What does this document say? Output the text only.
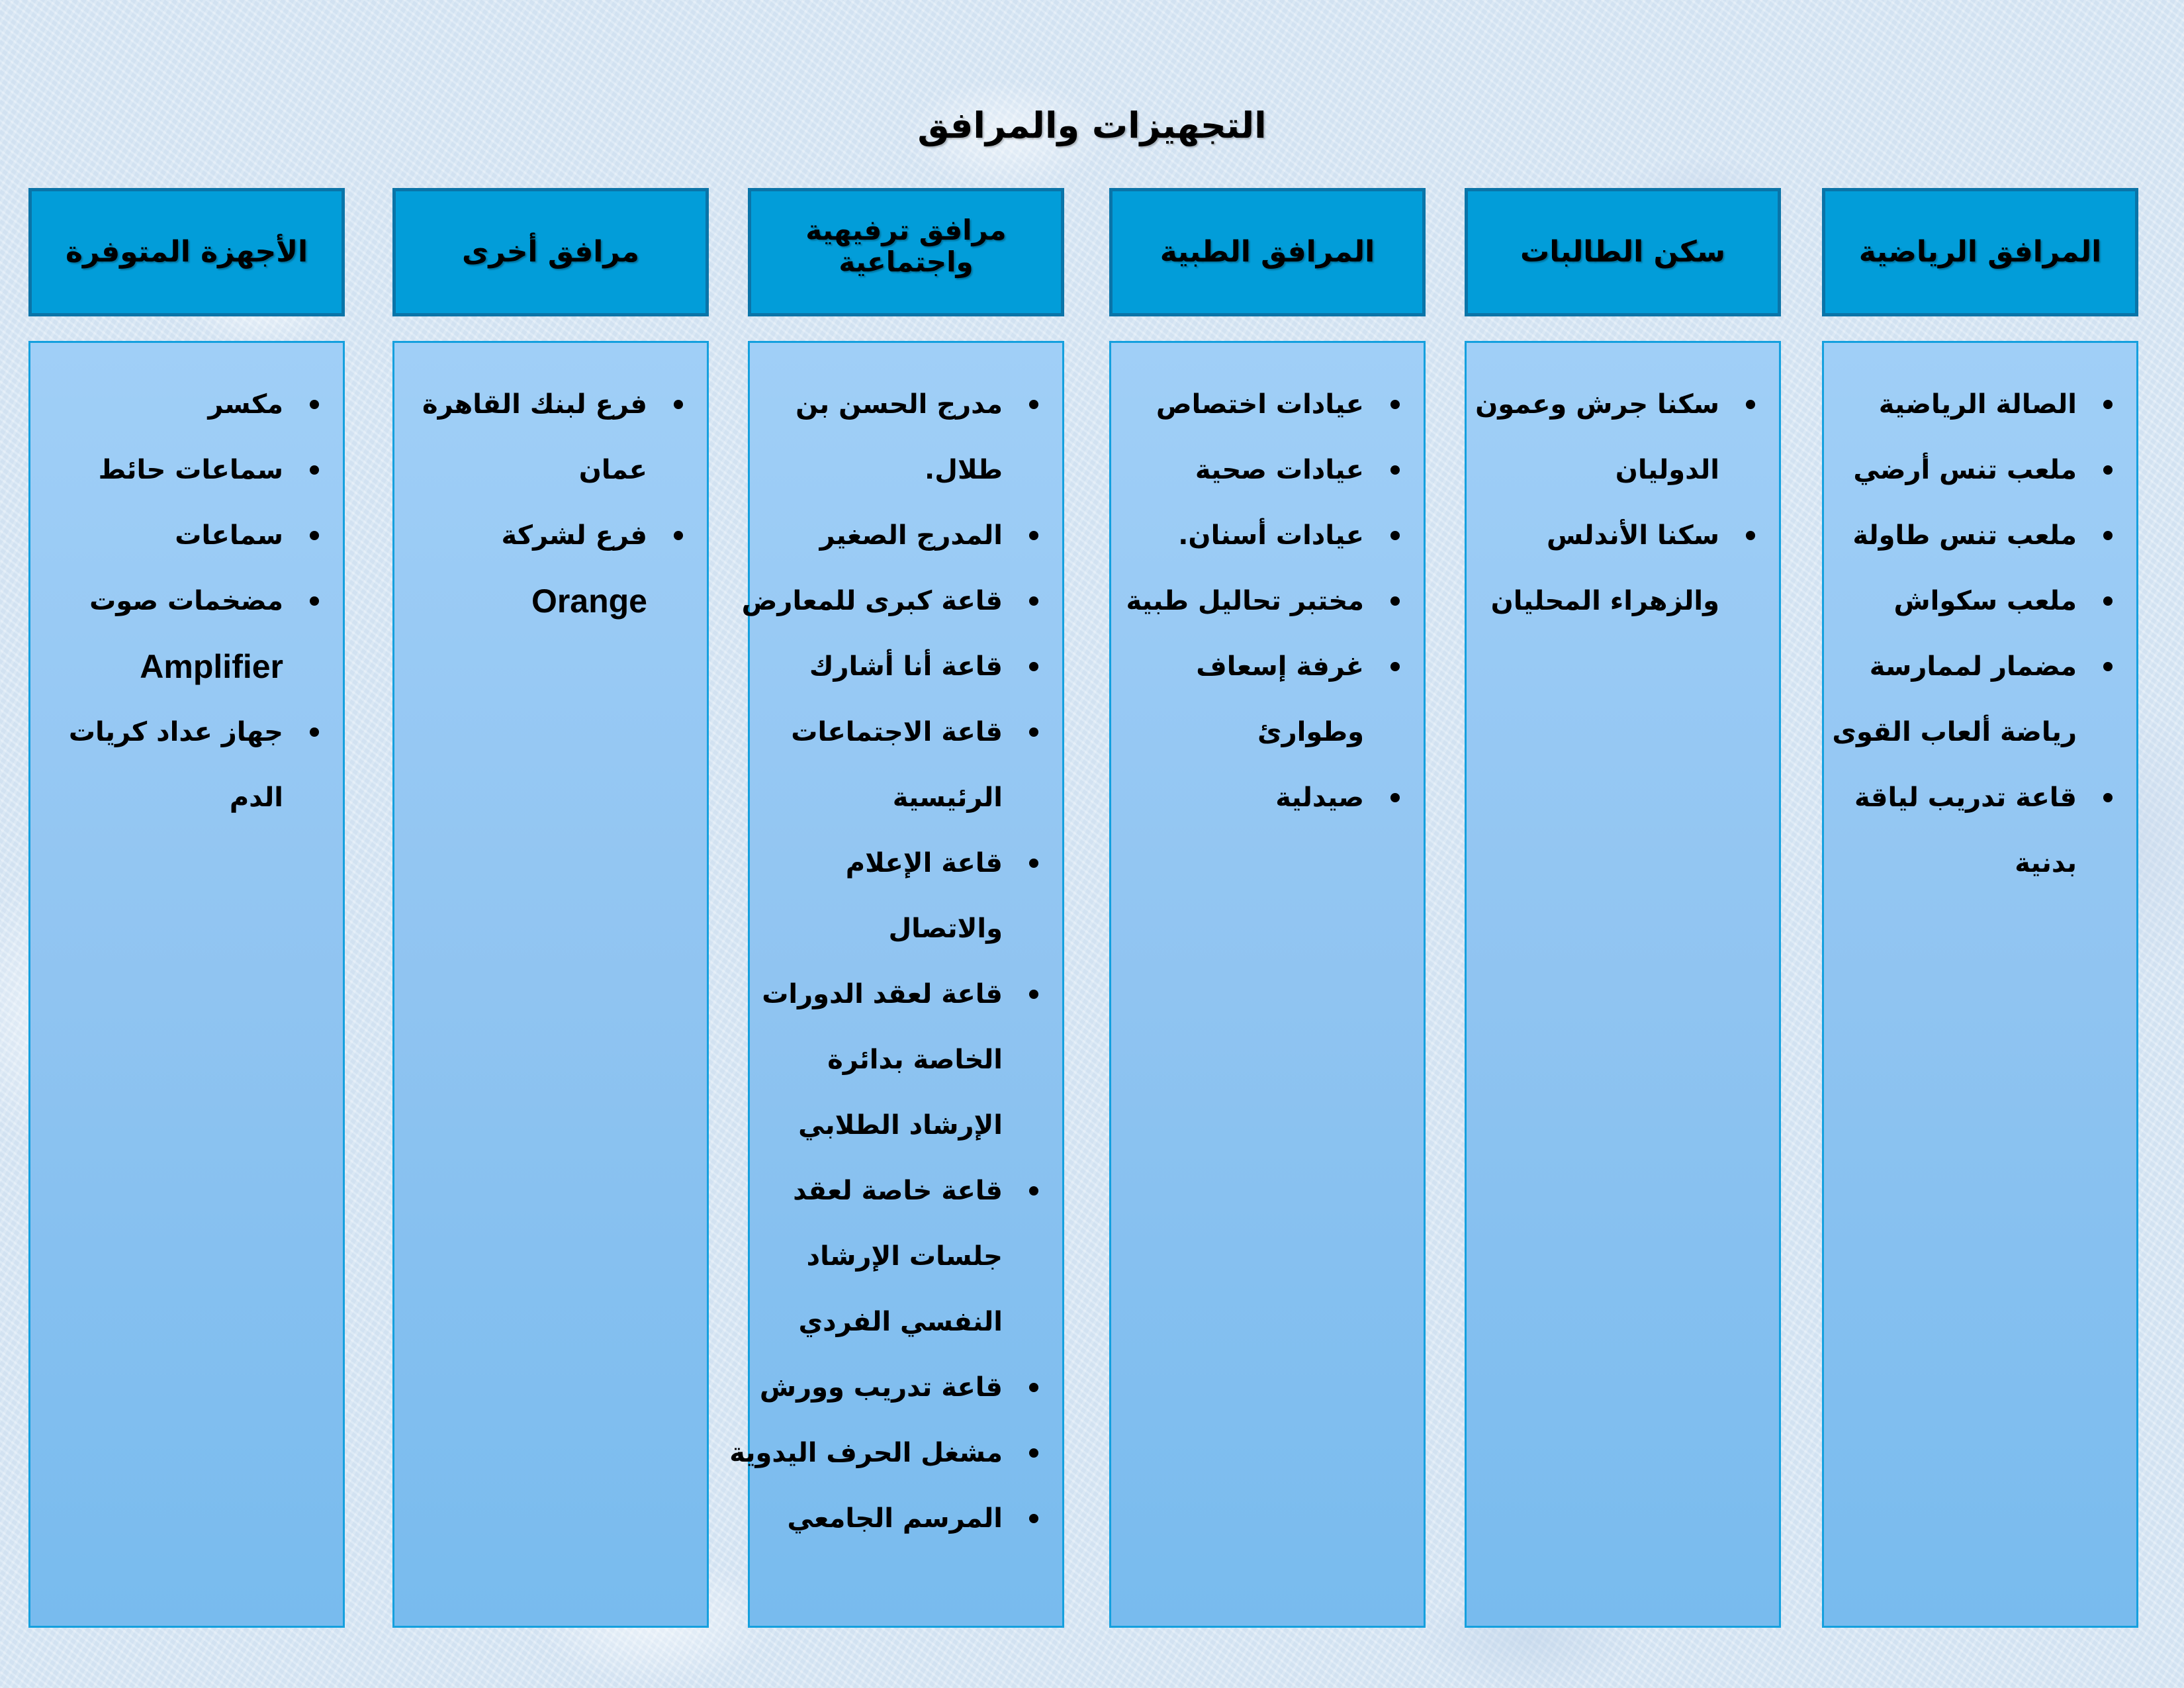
التجهيزات والمرافق
المرافق الرياضية
الصالة الرياضية
ملعب تنس أرضي
ملعب تنس طاولة
ملعب سكواش
مضمار لممارسة
رياضة ألعاب القوى
قاعة تدريب لياقة
بدنية
سكن الطالبات
سكنا جرش وعمون
الدوليان
سكنا الأندلس
والزهراء المحليان
المرافق الطبية
عيادات اختصاص
عيادات صحية
عيادات أسنان.
مختبر تحاليل طبية
غرفة إسعاف
وطوارئ
صيدلية
مرافق ترفيهية
واجتماعية
مدرج الحسن بن
طلال.
المدرج الصغير
قاعة كبرى للمعارض
قاعة أنا أشارك
قاعة الاجتماعات
الرئيسية
قاعة الإعلام
والاتصال
قاعة لعقد الدورات
الخاصة بدائرة
الإرشاد الطلابي
قاعة خاصة لعقد
جلسات الإرشاد
النفسي الفردي
قاعة تدريب وورش
مشغل الحرف اليدوية
المرسم الجامعي
مرافق أخرى
فرع لبنك القاهرة
عمان
فرع لشركة
Orange
الأجهزة المتوفرة
مكسر
سماعات حائط
سماعات
مضخمات صوت
Amplifier
جهاز عداد كريات
الدم
